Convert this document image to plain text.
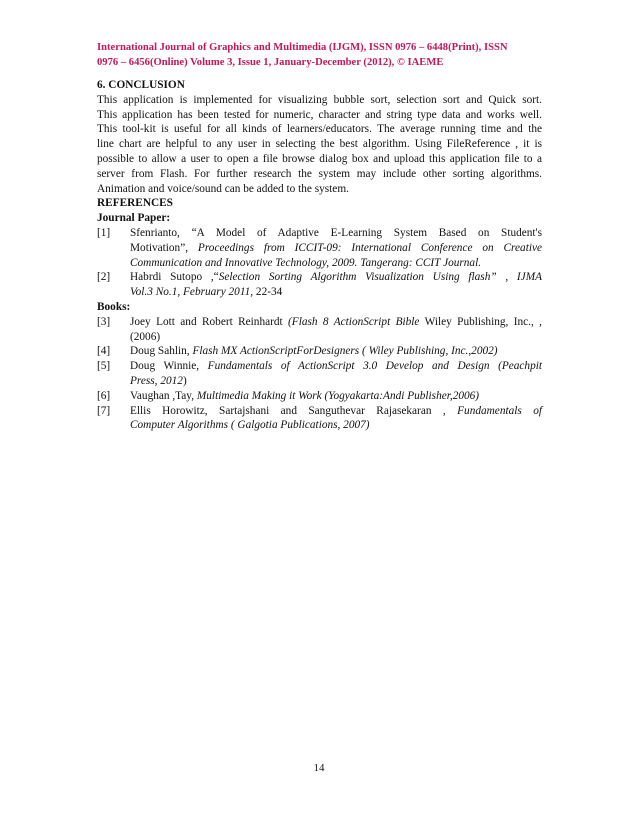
International Journal of Graphics and Multimedia (IJGM), ISSN 0976 – 6448(Print), ISSN
0976 – 6456(Online) Volume 3, Issue 1, January-December (2012), © IAEME
6. CONCLUSION
This application is implemented for visualizing bubble sort, selection sort and Quick sort.
This application has been tested for numeric, character and string type data and works well.
This tool-kit is useful for all kinds of learners/educators. The average running time and the
line chart are helpful to any user in selecting the best algorithm. Using FileReference , it is
possible to allow a user to open a file browse dialog box and upload this application file to a
server from Flash. For further research the system may include other sorting algorithms.
Animation and voice/sound can be added to the system.
REFERENCES
Journal Paper:
[1]	Sfenrianto, “A Model of Adaptive E-Learning System Based on Student's
Motivation”, Proceedings from ICCIT-09: International Conference on Creative
Communication and Innovative Technology, 2009. Tangerang: CCIT Journal.
[2]	Habrdi Sutopo ,“Selection Sorting Algorithm Visualization Using flash” , IJMA
Vol.3 No.1, February 2011, 22-34
Books:
[3]	Joey Lott and Robert Reinhardt (Flash 8 ActionScript Bible Wiley Publishing, Inc., ,
(2006)
[4]	Doug Sahlin, Flash MX ActionScriptForDesigners ( Wiley Publishing, Inc.,2002)
[5]	Doug Winnie, Fundamentals of ActionScript 3.0 Develop and Design (Peachpit
Press, 2012)
[6]	Vaughan ,Tay, Multimedia Making it Work (Yogyakarta:Andi Publisher,2006)
[7]	Ellis Horowitz, Sartajshani and Sanguthevar Rajasekaran , Fundamentals of
Computer Algorithms ( Galgotia Publications, 2007)
14
